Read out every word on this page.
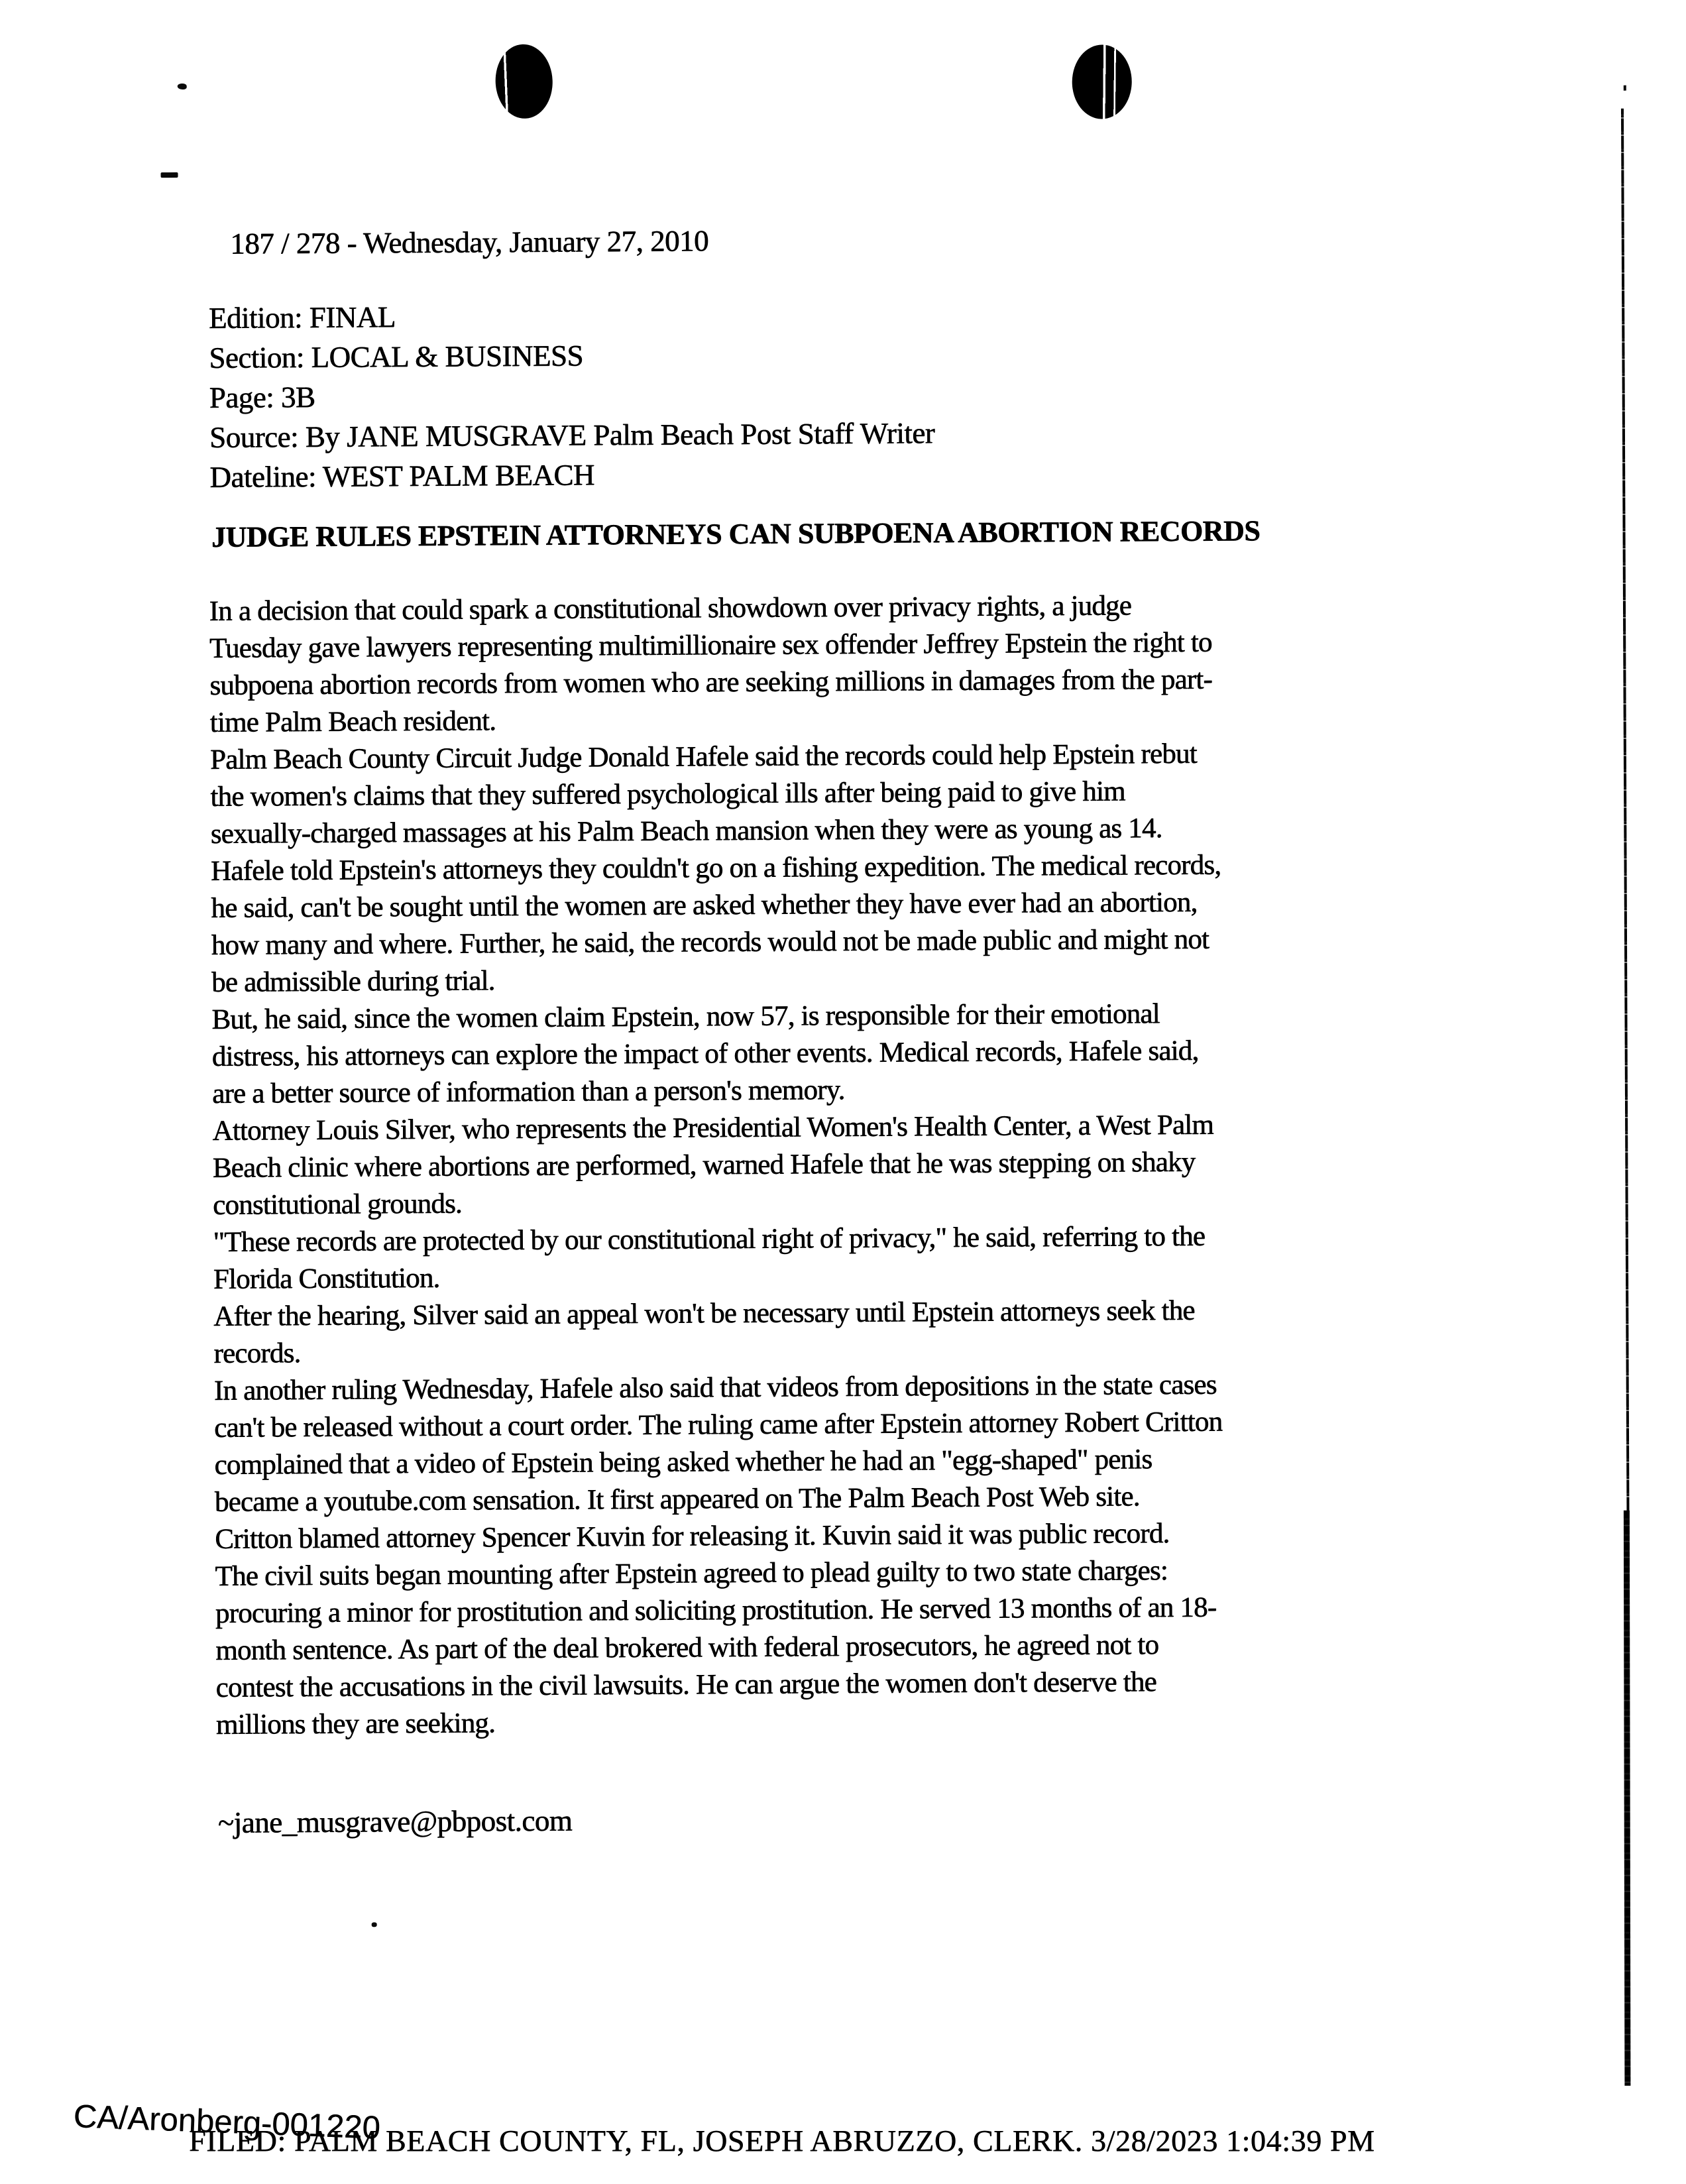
187 / 278 - Wednesday, January 27, 2010
Edition: FINAL
Section: LOCAL & BUSINESS
Page: 3B
Source: By JANE MUSGRAVE Palm Beach Post Staff Writer
Dateline: WEST PALM BEACH
JUDGE RULES EPSTEIN ATTORNEYS CAN SUBPOENA ABORTION RECORDS

In a decision that could spark a constitutional showdown over privacy rights, a judge
Tuesday gave lawyers representing multimillionaire sex offender Jeffrey Epstein the right to
subpoena abortion records from women who are seeking millions in damages from the part-
time Palm Beach resident.

Palm Beach County Circuit Judge Donald Hafele said the records could help Epstein rebut
the women's claims that they suffered psychological ills after being paid to give him
sexually-charged massages at his Palm Beach mansion when they were as young as 14.

Hafele told Epstein's attorneys they couldn't go on a fishing expedition. The medical records,
he said, can't be sought until the women are asked whether they have ever had an abortion,
how many and where. Further, he said, the records would not be made public and might not
be admissible during trial.

But, he said, since the women claim Epstein, now 57, is responsible for their emotional
distress, his attorneys can explore the impact of other events. Medical records, Hafele said,
are a better source of information than a person's memory.

Attorney Louis Silver, who represents the Presidential Women's Health Center, a West Palm
Beach clinic where abortions are performed, warned Hafele that he was stepping on shaky
constitutional grounds.

"These records are protected by our constitutional right of privacy," he said, referring to the
Florida Constitution.

After the hearing, Silver said an appeal won't be necessary until Epstein attorneys seek the
records.

In another ruling Wednesday, Hafele also said that videos from depositions in the state cases
can't be released without a court order. The ruling came after Epstein attorney Robert Critton
complained that a video of Epstein being asked whether he had an "egg-shaped" penis
became a youtube.com sensation. It first appeared on The Palm Beach Post Web site.

Critton blamed attorney Spencer Kuvin for releasing it. Kuvin said it was public record.

The civil suits began mounting after Epstein agreed to plead guilty to two state charges:
procuring a minor for prostitution and soliciting prostitution. He served 13 months of an 18-
month sentence. As part of the deal brokered with federal prosecutors, he agreed not to
contest the accusations in the civil lawsuits. He can argue the women don't deserve the
millions they are seeking.

~jane_musgrave@pbpost.com
CA/Aronberg-001220
FILED: PALM BEACH COUNTY, FL, JOSEPH ABRUZZO, CLERK. 3/28/2023 1:04:39 PM
